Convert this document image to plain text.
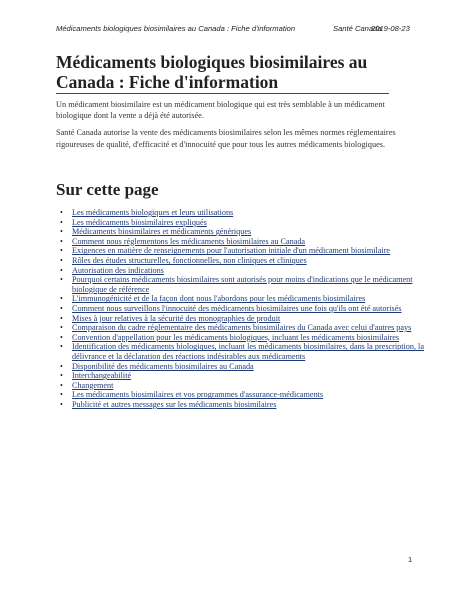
Médicaments biologiques biosimilaires au Canada : Fiche d'information	Santé Canada
2019-08-23
Médicaments biologiques biosimilaires au Canada : Fiche d'information

Un médicament biosimilaire est un médicament biologique qui est très semblable à un médicament biologique dont la vente a déjà été autorisée.

Santé Canada autorise la vente des médicaments biosimilaires selon les mêmes normes réglementaires rigoureuses de qualité, d'efficacité et d'innocuité que pour tous les autres médicaments biologiques.

Sur cette page
• Les médicaments biologiques et leurs utilisations
• Les médicaments biosimilaires expliqués
• Médicaments biosimilaires et médicaments génériques
• Comment nous réglementons les médicaments biosimilaires au Canada
• Exigences en matière de renseignements pour l'autorisation initiale d'un médicament biosimilaire
• Rôles des études structurelles, fonctionnelles, non cliniques et cliniques
• Autorisation des indications
• Pourquoi certains médicaments biosimilaires sont autorisés pour moins d'indications que le médicament biologique de référence
• L'immunogénicité et de la façon dont nous l'abordons pour les médicaments biosimilaires
• Comment nous surveillons l'innocuité des médicaments biosimilaires une fois qu'ils ont été autorisés
• Mises à jour relatives à la sécurité des monographies de produit
• Comparaison du cadre réglementaire des médicaments biosimilaires du Canada avec celui d'autres pays
• Convention d'appellation pour les médicaments biologiques, incluant les médicaments biosimilaires
• Identification des médicaments biologiques, incluant les médicaments biosimilaires, dans la prescription, la délivrance et la déclaration des réactions indésirables aux médicaments
• Disponibilité des médicaments biosimilaires au Canada
• Interchangeabilité
• Changement
• Les médicaments biosimilaires et vos programmes d'assurance-médicaments
• Publicité et autres messages sur les médicaments biosimilaires
1
